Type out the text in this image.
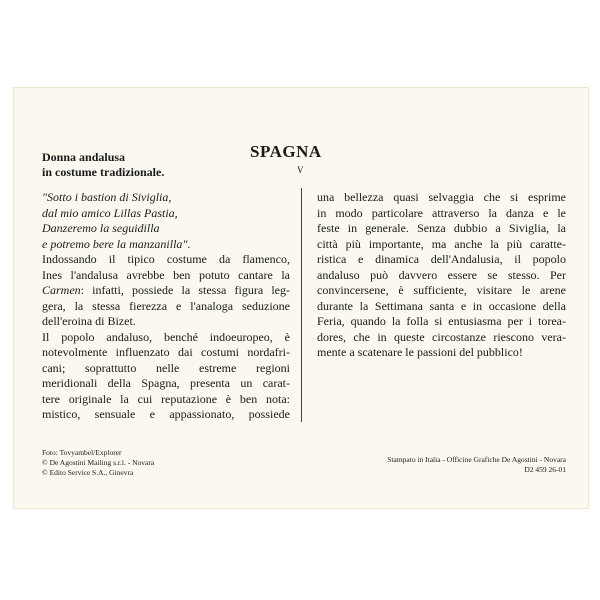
SPAGNA
V
Donna andalusa
in costume tradizionale.
"Sotto i bastion di Siviglia,
dal mio amico Lillas Pastia,
Danzeremo la seguidilla
e potremo bere la manzanilla".

Indossando il tipico costume da flamenco,
Ines l'andalusa avrebbe ben potuto cantare la
Carmen: infatti, possiede la stessa figura leg-
gera, la stessa fierezza e l'analoga seduzione
dell'eroina di Bizet.
Il popolo andaluso, benché indoeuropeo, è
notevolmente influenzato dai costumi nordafri-
cani; soprattutto nelle estreme regioni
meridionali della Spagna, presenta un carat-
tere originale la cui reputazione è ben nota:
mistico, sensuale e appassionato, possiede

una bellezza quasi selvaggia che si esprime
in modo particolare attraverso la danza e le
feste in generale. Senza dubbio a Siviglia, la
città più importante, ma anche la più caratte-
ristica e dinamica dell'Andalusia, il popolo
andaluso può davvero essere se stesso. Per
convincersene, è sufficiente, visitare le arene
durante la Settimana santa e in occasione della
Feria, quando la folla si entusiasma per i torea-
dores, che in queste circostanze riescono vera-
mente a scatenare le passioni del pubblico!

Foto: Tovyambel/Explorer
© De Agostini Mailing s.r.l. - Novara
© Edito Service S.A., Ginevra
Stampato in Italia - Officine Grafiche De Agostini - Novara
D2 459 26-01
